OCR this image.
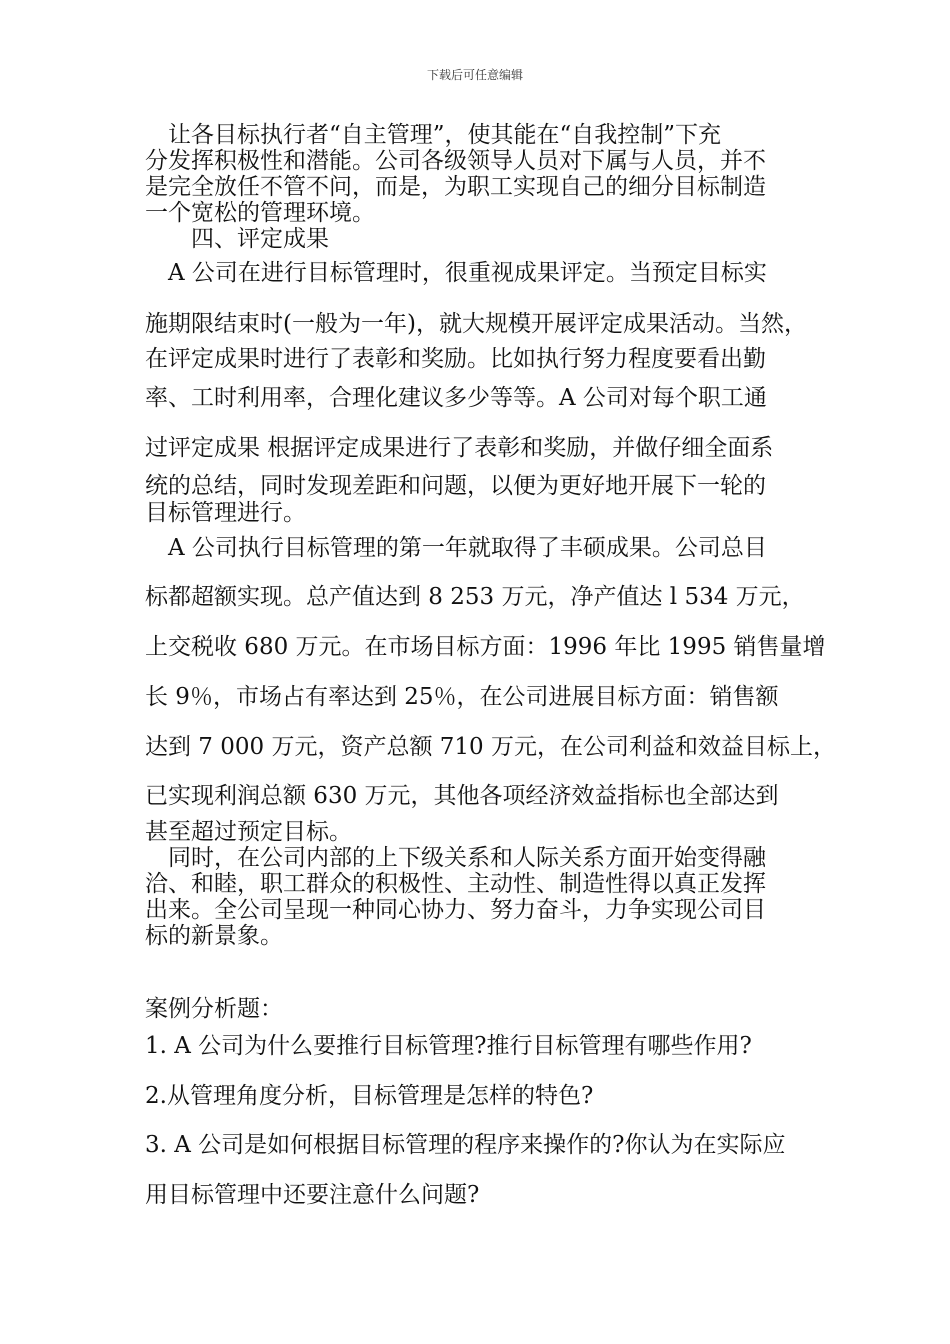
下载后可任意编辑
　让各目标执行者“自主管理”，使其能在“自我控制”下充
分发挥积极性和潜能。公司各级领导人员对下属与人员，并不
是完全放任不管不问，而是，为职工实现自己的细分目标制造
一个宽松的管理环境。
　　四、评定成果
　A 公司在进行目标管理时，很重视成果评定。当预定目标实
施期限结束时(一般为一年)，就大规模开展评定成果活动。当然，
在评定成果时进行了表彰和奖励。比如执行努力程度要看出勤
率、工时利用率，合理化建议多少等等。A 公司对每个职工通
过评定成果 根据评定成果进行了表彰和奖励，并做仔细全面系
统的总结，同时发现差距和问题，以便为更好地开展下一轮的
目标管理进行。
　A 公司执行目标管理的第一年就取得了丰硕成果。公司总目
标都超额实现。总产值达到 8 253 万元，净产值达 l 534 万元，
上交税收 680 万元。在市场目标方面：1996 年比 1995 销售量增
长 9％，市场占有率达到 25％，在公司进展目标方面：销售额
达到 7 000 万元，资产总额 710 万元，在公司利益和效益目标上，
已实现利润总额 630 万元，其他各项经济效益指标也全部达到
甚至超过预定目标。
　同时，在公司内部的上下级关系和人际关系方面开始变得融
洽、和睦，职工群众的积极性、主动性、制造性得以真正发挥
出来。全公司呈现一种同心协力、努力奋斗，力争实现公司目
标的新景象。
案例分析题：
1. A 公司为什么要推行目标管理?推行目标管理有哪些作用?
2.从管理角度分析，目标管理是怎样的特色?
3. A 公司是如何根据目标管理的程序来操作的?你认为在实际应
用目标管理中还要注意什么问题?
